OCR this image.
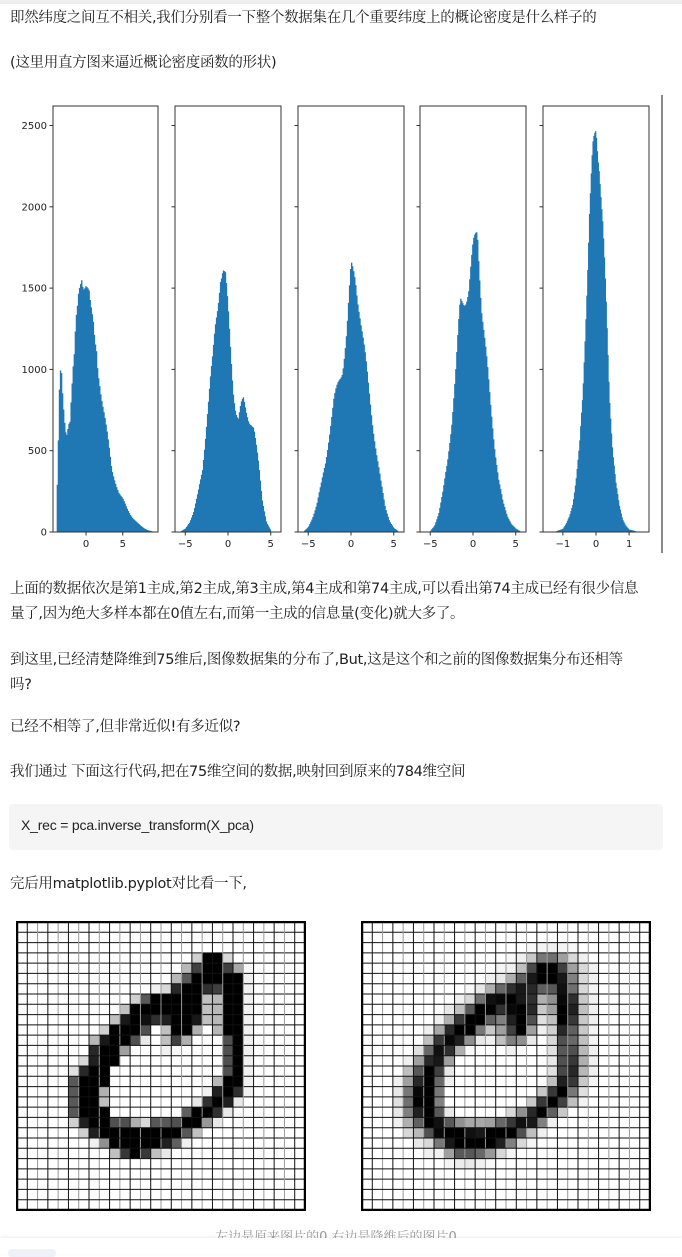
即然纬度之间互不相关,我们分别看一下整个数据集在几个重要纬度上的概论密度是什么样子的
(这里用直方图来逼近概论密度函数的形状)
0
500
1000
1500
2000
2500
0	5	−5	0	5	−5	0	5	−5	0	5	−1 0	1
上面的数据依次是第1主成,第2主成,第3主成,第4主成和第74主成,可以看出第74主成已经有很少信息
量了,因为绝大多样本都在0值左右,而第一主成的信息量(变化)就大多了。
到这里,已经清楚降维到75维后,图像数据集的分布了,But,这是这个和之前的图像数据集分布还相等
吗?
已经不相等了,但非常近似!有多近似?
我们通过 下面这行代码,把在75维空间的数据,映射回到原来的784维空间
X_rec = pca.inverse_transform(X_pca)
完后用matplotlib.pyplot对比看一下,
